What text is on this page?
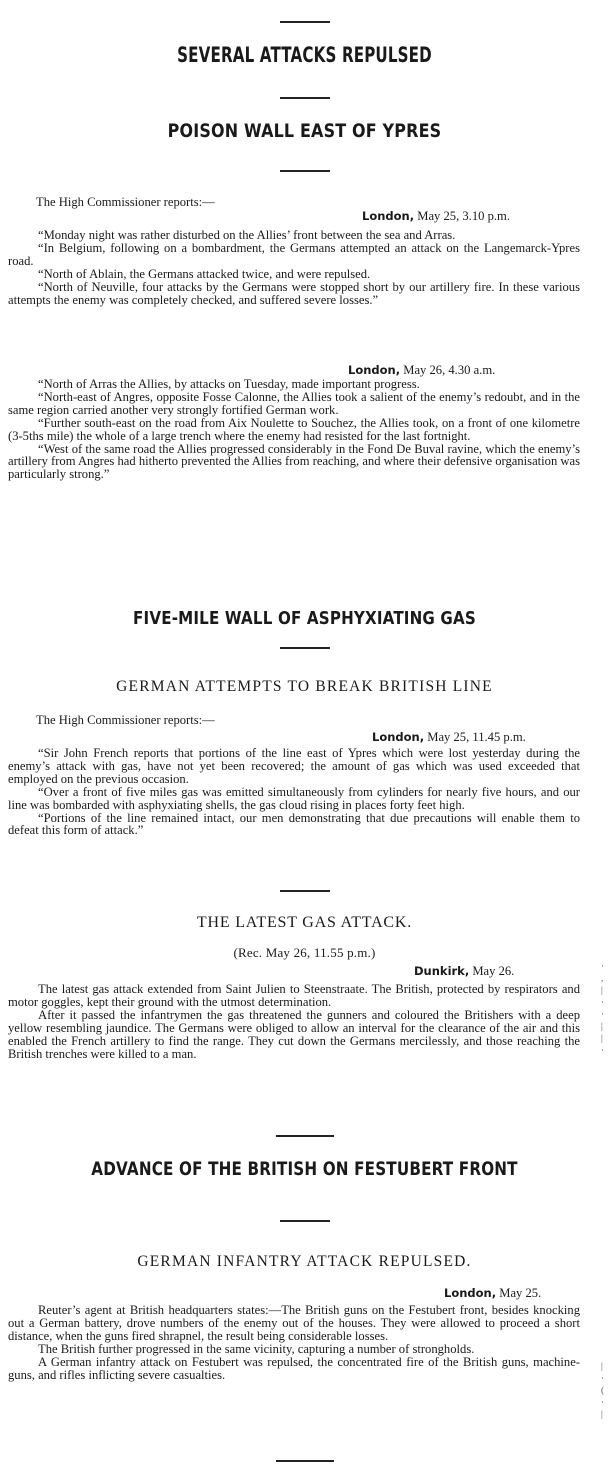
SEVERAL ATTACKS REPULSED
POISON WALL EAST OF YPRES
The High Commissioner reports:—
London, May 25, 3.10 p.m.
“Monday night was rather disturbed on the Allies’ front between the sea and Arras.
“In Belgium, following on a bombardment, the Germans attempted an attack on the Langemarck-Ypres road.
“North of Ablain, the Germans attacked twice, and were repulsed.
“North of Neuville, four attacks by the Germans were stopped short by our artillery fire. In these various attempts the enemy was completely checked, and suffered severe losses.”
London, May 26, 4.30 a.m.
“North of Arras the Allies, by attacks on Tuesday, made important progress.
“North-east of Angres, opposite Fosse Calonne, the Allies took a salient of the enemy’s redoubt, and in the same region carried another very strongly fortified German work.
“Further south-east on the road from Aix Noulette to Souchez, the Allies took, on a front of one kilometre (3-5ths mile) the whole of a large trench where the enemy had resisted for the last fortnight.
“West of the same road the Allies progressed considerably in the Fond De Buval ravine, which the enemy’s artillery from Angres had hitherto prevented the Allies from reaching, and where their defensive organisation was particularly strong.”
FIVE-MILE WALL OF ASPHYXIATING GAS
GERMAN ATTEMPTS TO BREAK BRITISH LINE
The High Commissioner reports:—
London, May 25, 11.45 p.m.
“Sir John French reports that portions of the line east of Ypres which were lost yesterday during the enemy’s attack with gas, have not yet been recovered; the amount of gas which was used exceeded that employed on the previous occasion.
“Over a front of five miles gas was emitted simultaneously from cylinders for nearly five hours, and our line was bombarded with asphyxiating shells, the gas cloud rising in places forty feet high.
“Portions of the line remained intact, our men demonstrating that due precautions will enable them to defeat this form of attack.”
THE LATEST GAS ATTACK.
(Rec. May 26, 11.55 p.m.)
Dunkirk, May 26.
The latest gas attack extended from Saint Julien to Steenstraate. The British, protected by respirators and motor goggles, kept their ground with the utmost determination.
After it passed the infantrymen the gas threatened the gunners and coloured the Britishers with a deep yellow resembling jaundice. The Germans were obliged to allow an interval for the clearance of the air and this enabled the French artillery to find the range. They cut down the Germans mercilessly, and those reaching the British trenches were killed to a man.
ADVANCE OF THE BRITISH ON FESTUBERT FRONT
GERMAN INFANTRY ATTACK REPULSED.
London, May 25.
Reuter’s agent at British headquarters states:—The British guns on the Festubert front, besides knocking out a German battery, drove numbers of the enemy out of the houses. They were allowed to proceed a short distance, when the guns fired shrapnel, the result being considerable losses.
The British further progressed in the same vicinity, capturing a number of strongholds.
A German infantry attack on Festubert was repulsed, the concentrated fire of the British guns, machine-guns, and rifles inflicting severe casualties.
·
,
|
·
·
|
|
·
|
·
(
·
|
